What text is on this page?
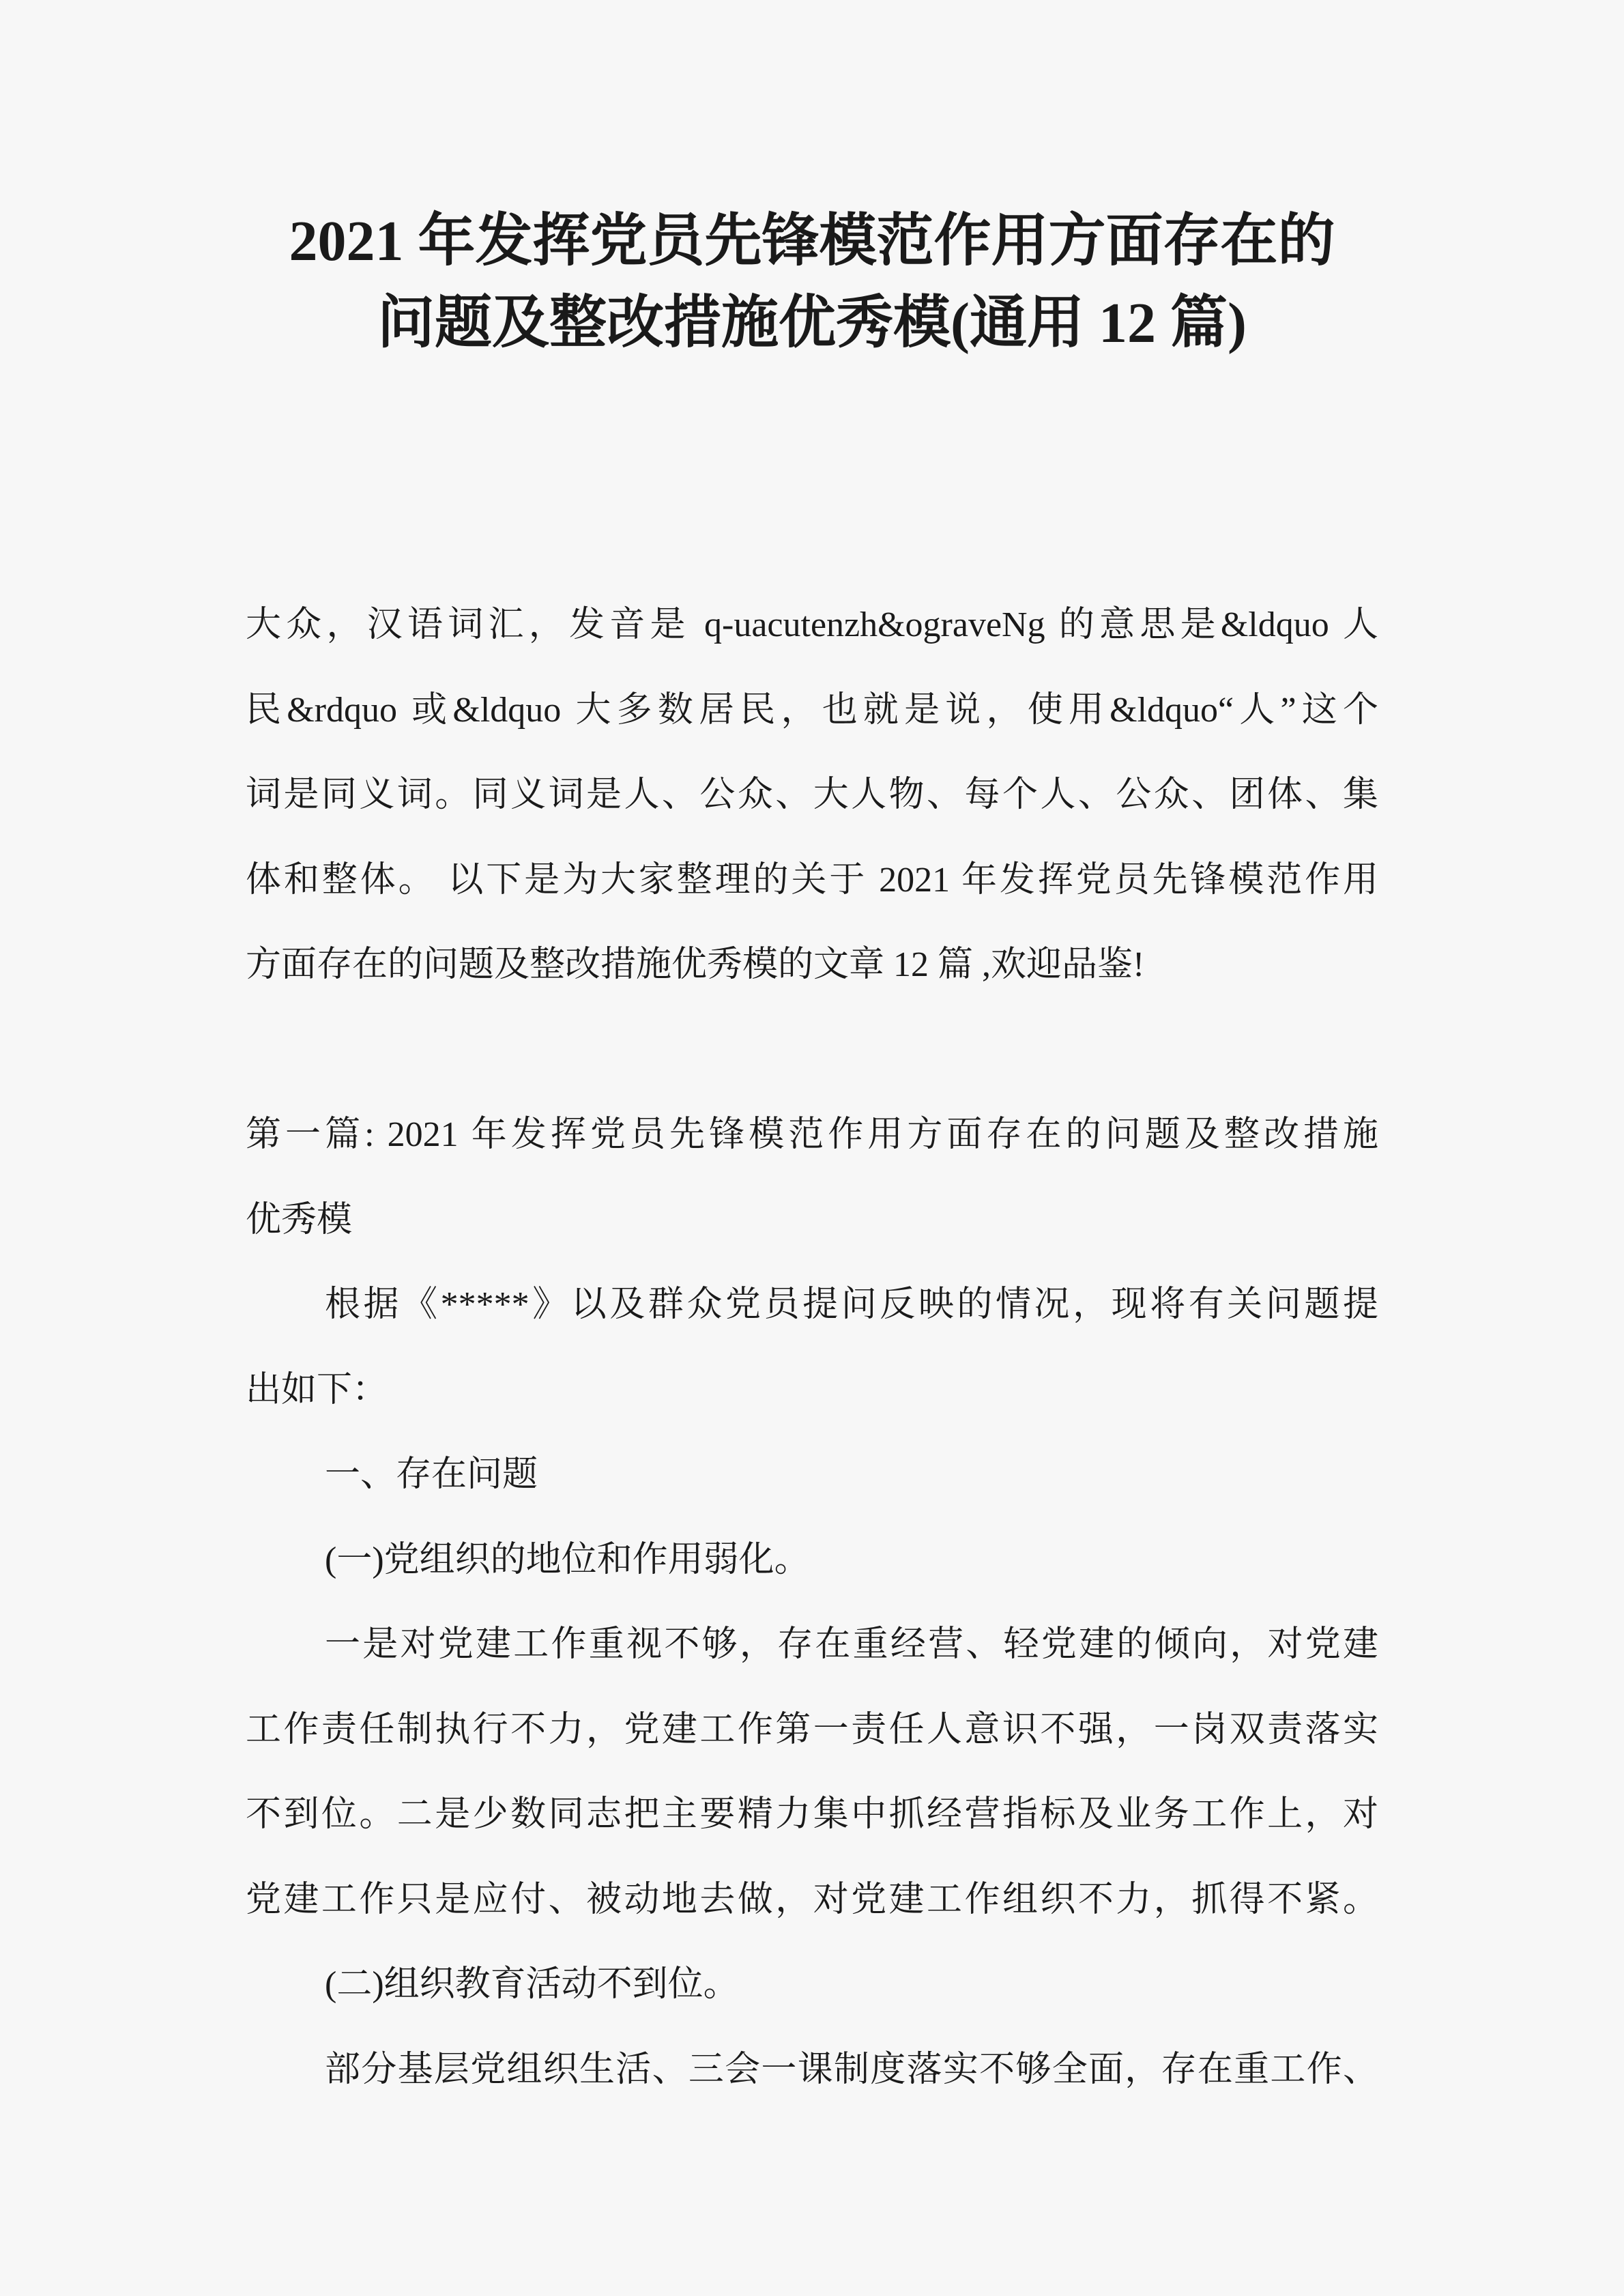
2021 年发挥党员先锋模范作用方面存在的
问题及整改措施优秀模(通用 12 篇)
大众，汉语词汇，发音是 q-uacutenzh&ograveNg 的意思是&ldquo 人
民&rdquo 或&ldquo 大多数居民，也就是说，使用&ldquo“人”这个
词是同义词。同义词是人、公众、大人物、每个人、公众、团体、集
体和整体。 以下是为大家整理的关于 2021 年发挥党员先锋模范作用
方面存在的问题及整改措施优秀模的文章 12 篇 ,欢迎品鉴!
第一篇: 2021 年发挥党员先锋模范作用方面存在的问题及整改措施
优秀模
根据《*****》以及群众党员提问反映的情况，现将有关问题提
出如下：
一、存在问题
(一)党组织的地位和作用弱化。
一是对党建工作重视不够，存在重经营、轻党建的倾向，对党建
工作责任制执行不力，党建工作第一责任人意识不强，一岗双责落实
不到位。二是少数同志把主要精力集中抓经营指标及业务工作上，对
党建工作只是应付、被动地去做，对党建工作组织不力，抓得不紧。
(二)组织教育活动不到位。
部分基层党组织生活、三会一课制度落实不够全面，存在重工作、
